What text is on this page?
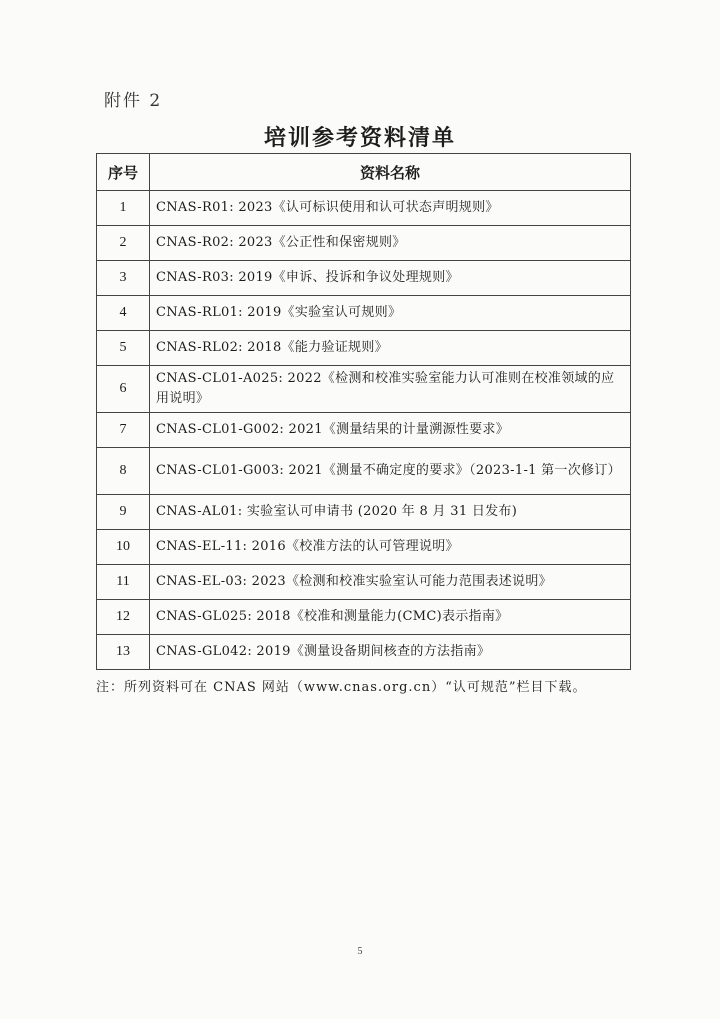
附件 2
培训参考资料清单
序号	资料名称
1	CNAS-R01: 2023《认可标识使用和认可状态声明规则》
2	CNAS-R02: 2023《公正性和保密规则》
3	CNAS-R03: 2019《申诉、投诉和争议处理规则》
4	CNAS-RL01: 2019《实验室认可规则》
5	CNAS-RL02: 2018《能力验证规则》
6	CNAS-CL01-A025: 2022《检测和校准实验室能力认可准则在校准领域的应用说明》
7	CNAS-CL01-G002: 2021《测量结果的计量溯源性要求》
8	CNAS-CL01-G003: 2021《测量不确定度的要求》（2023-1-1 第一次修订）
9	CNAS-AL01: 实验室认可申请书 (2020 年 8 月 31 日发布)
10	CNAS-EL-11: 2016《校准方法的认可管理说明》
11	CNAS-EL-03: 2023《检测和校准实验室认可能力范围表述说明》
12	CNAS-GL025: 2018《校准和测量能力(CMC)表示指南》
13	CNAS-GL042: 2019《测量设备期间核查的方法指南》
注：所列资料可在 CNAS 网站（www.cnas.org.cn）“认可规范”栏目下载。
5
